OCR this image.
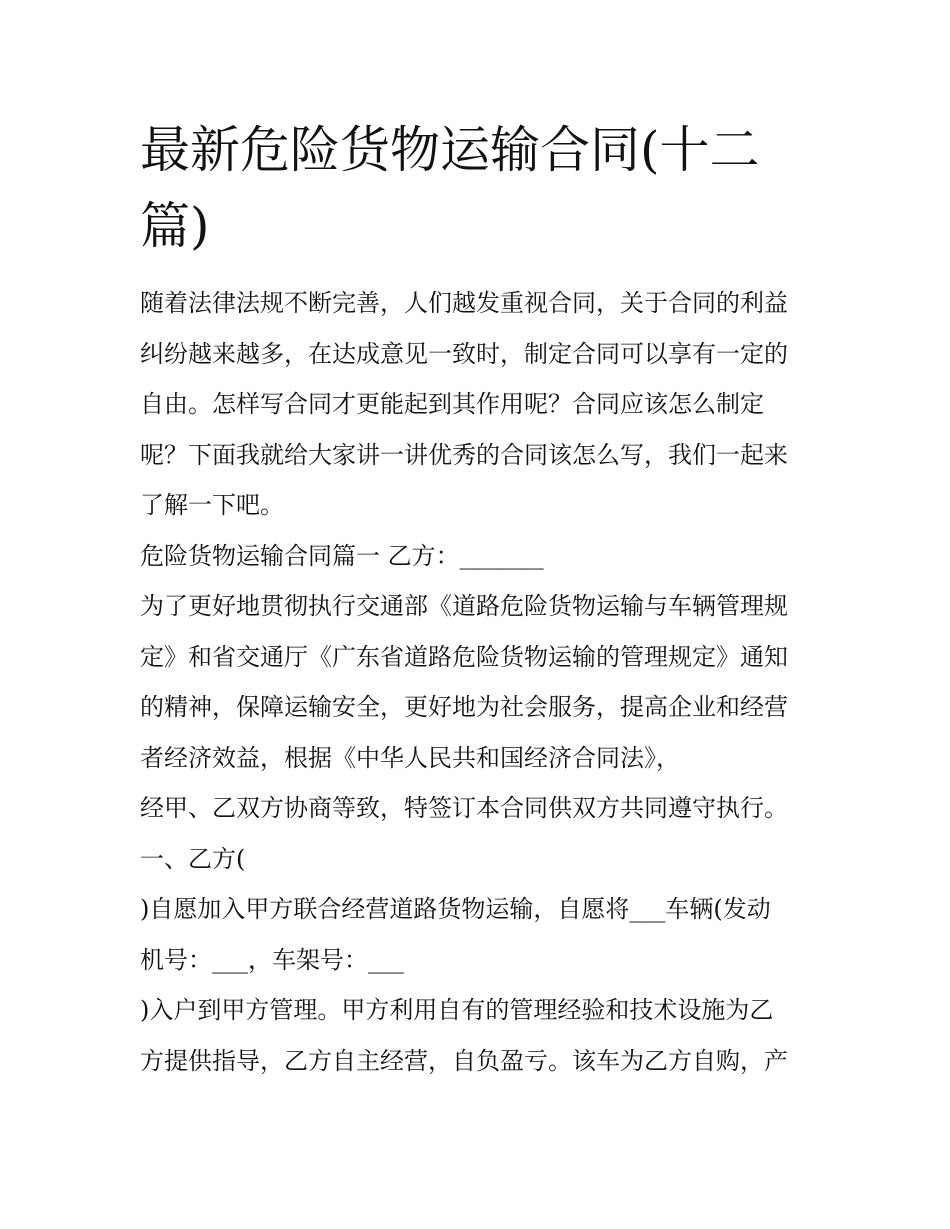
最新危险货物运输合同(十二
篇)
随着法律法规不断完善，人们越发重视合同，关于合同的利益
纠纷越来越多，在达成意见一致时，制定合同可以享有一定的
自由。怎样写合同才更能起到其作用呢？合同应该怎么制定
呢？下面我就给大家讲一讲优秀的合同该怎么写，我们一起来
了解一下吧。
危险货物运输合同篇一 乙方：_______
为了更好地贯彻执行交通部《道路危险货物运输与车辆管理规
定》和省交通厅《广东省道路危险货物运输的管理规定》通知
的精神，保障运输安全，更好地为社会服务，提高企业和经营
者经济效益，根据《中华人民共和国经济合同法》，
经甲、乙双方协商等致，特签订本合同供双方共同遵守执行。
一、乙方(
)自愿加入甲方联合经营道路货物运输，自愿将___车辆(发动
机号：___，车架号：___
)入户到甲方管理。甲方利用自有的管理经验和技术设施为乙
方提供指导，乙方自主经营，自负盈亏。该车为乙方自购，产
